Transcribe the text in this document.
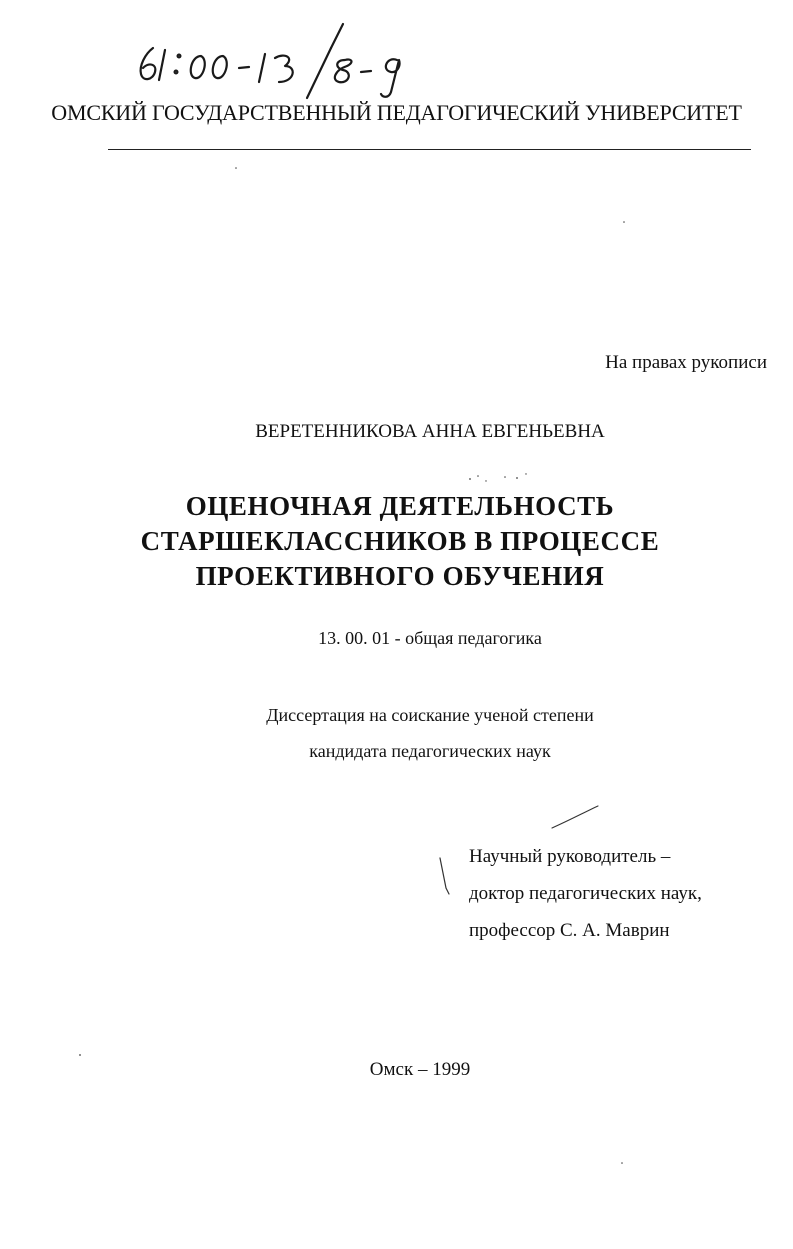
ОМСКИЙ ГОСУДАРСТВЕННЫЙ ПЕДАГОГИЧЕСКИЙ УНИВЕРСИТЕТ
На правах рукописи
ВЕРЕТЕННИКОВА АННА ЕВГЕНЬЕВНА
ОЦЕНОЧНАЯ ДЕЯТЕЛЬНОСТЬ
СТАРШЕКЛАССНИКОВ В ПРОЦЕССЕ
ПРОЕКТИВНОГО ОБУЧЕНИЯ
13. 00. 01 - общая педагогика
Диссертация на соискание ученой степени
кандидата педагогических наук
Научный руководитель –
доктор педагогических наук,
профессор С. А. Маврин
Омск – 1999
